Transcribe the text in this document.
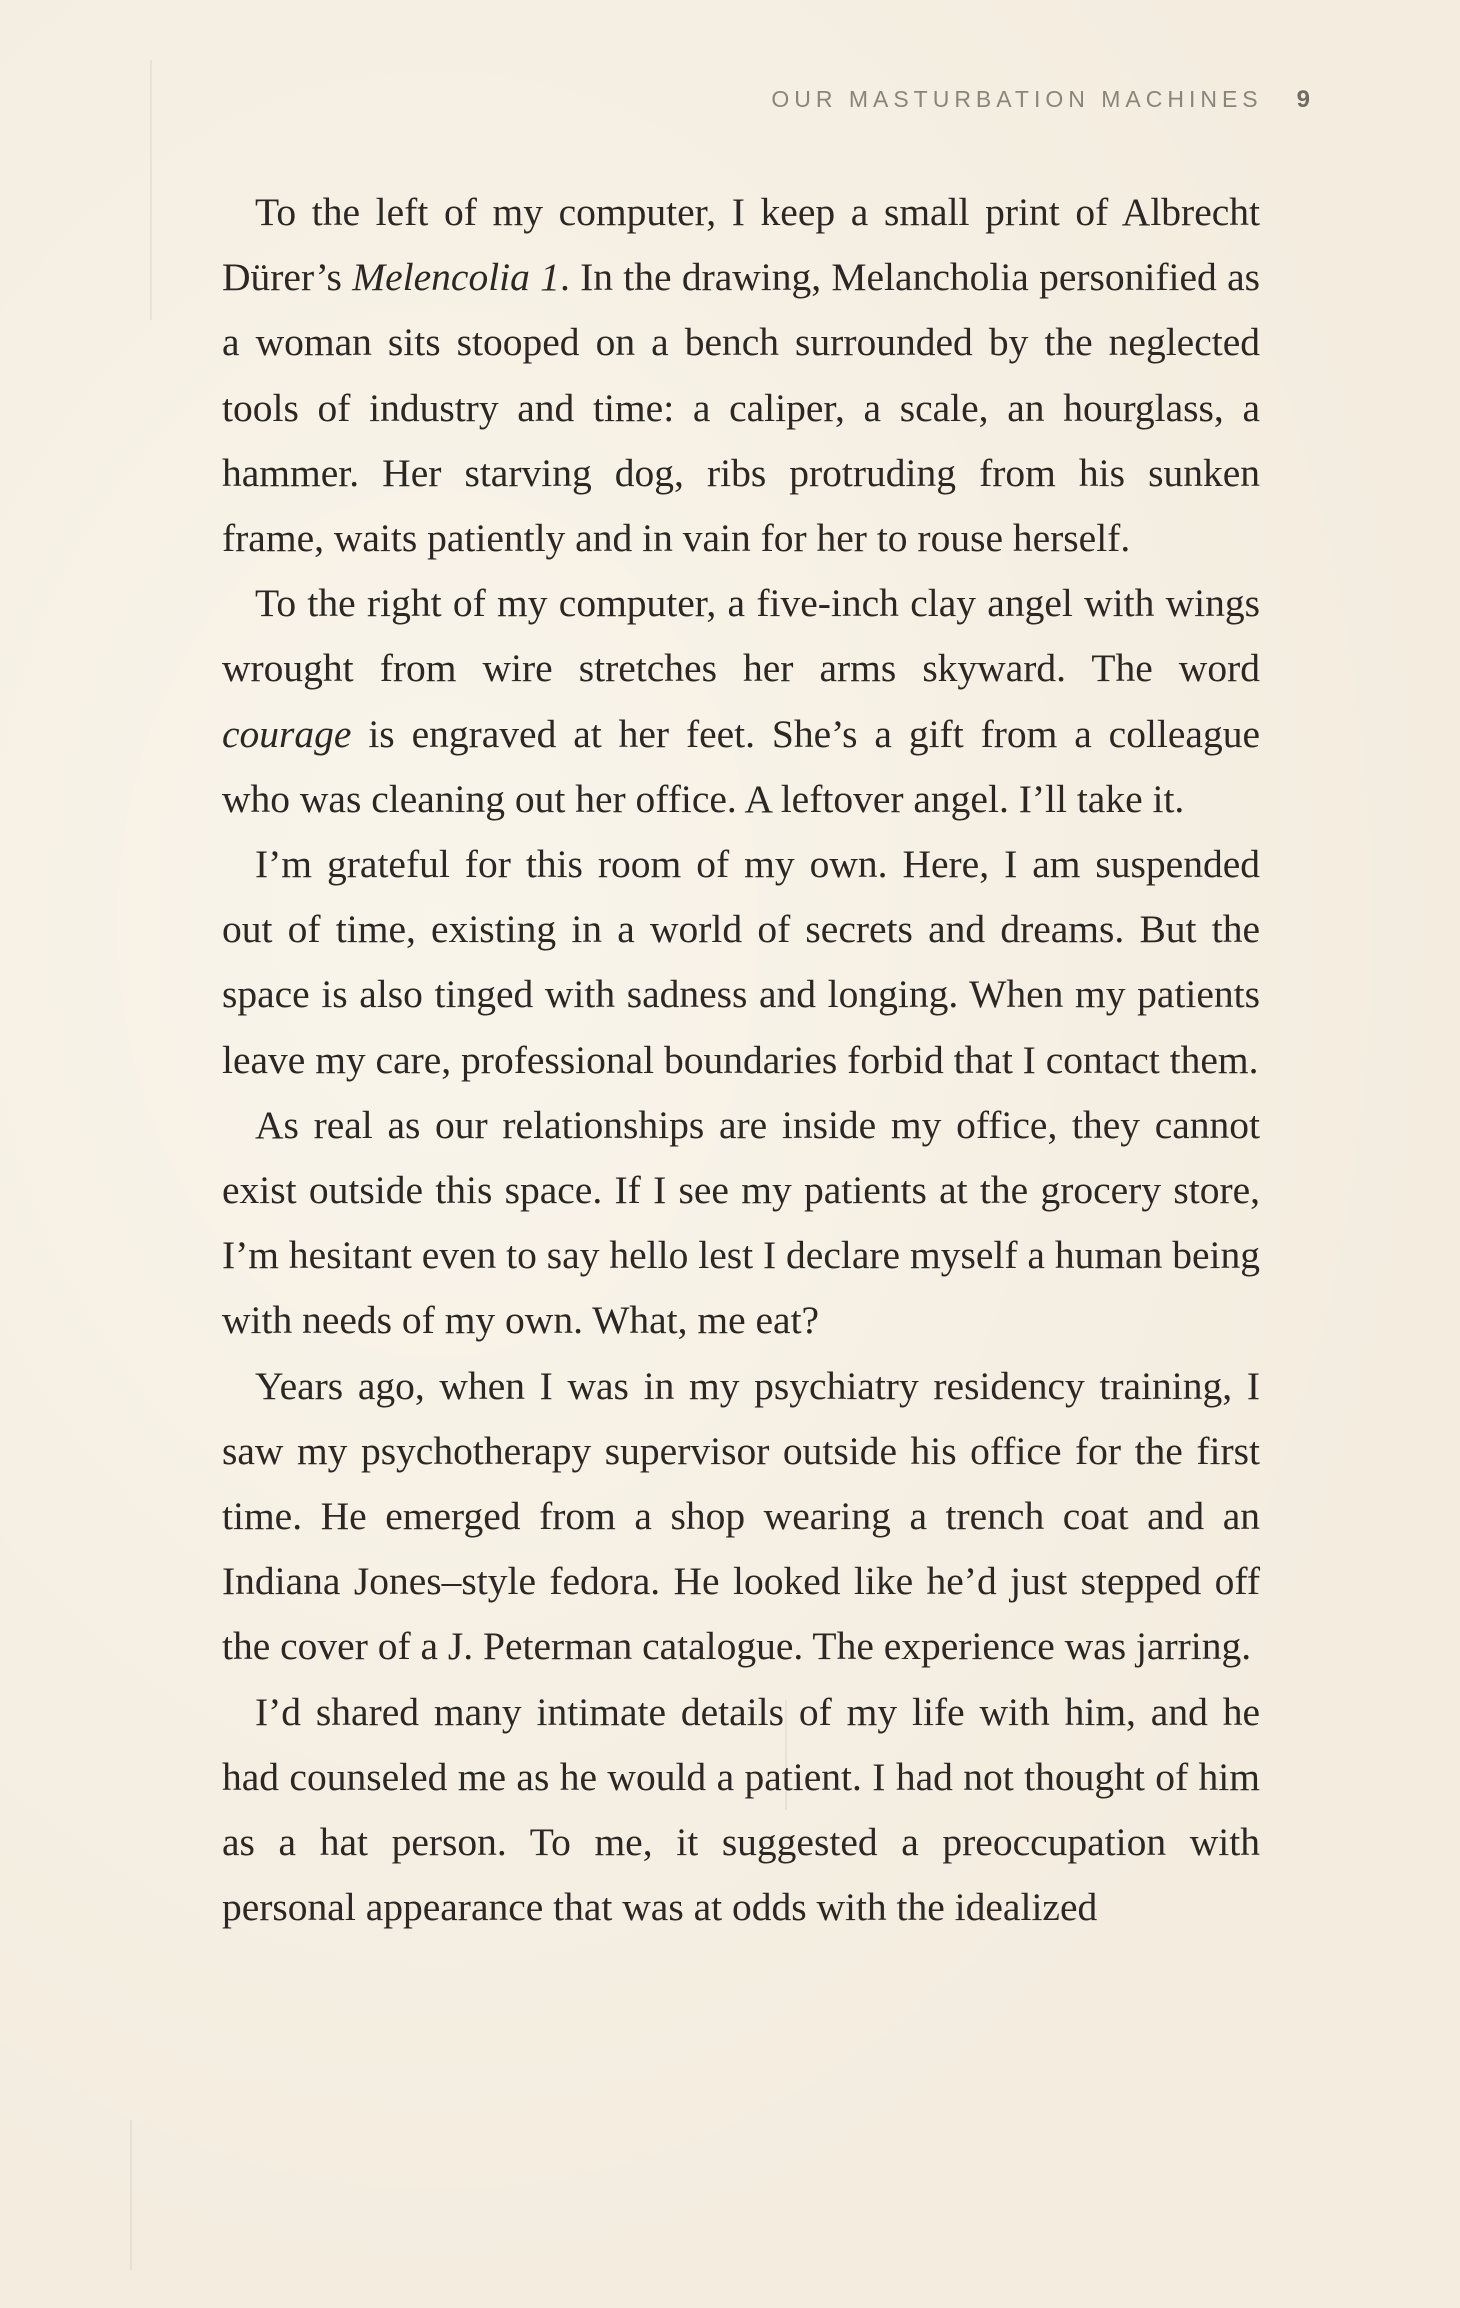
OUR MASTURBATION MACHINES 9

To the left of my computer, I keep a small print of Albrecht Dürer’s Melencolia 1. In the drawing, Melancholia personified as a woman sits stooped on a bench surrounded by the neglected tools of industry and time: a caliper, a scale, an hourglass, a hammer. Her starving dog, ribs protruding from his sunken frame, waits patiently and in vain for her to rouse herself.

To the right of my computer, a five-inch clay angel with wings wrought from wire stretches her arms skyward. The word courage is engraved at her feet. She’s a gift from a colleague who was cleaning out her office. A leftover angel. I’ll take it.

I’m grateful for this room of my own. Here, I am suspended out of time, existing in a world of secrets and dreams. But the space is also tinged with sadness and longing. When my patients leave my care, professional boundaries forbid that I contact them.

As real as our relationships are inside my office, they cannot exist outside this space. If I see my patients at the grocery store, I’m hesitant even to say hello lest I declare myself a human being with needs of my own. What, me eat?

Years ago, when I was in my psychiatry residency training, I saw my psychotherapy supervisor outside his office for the first time. He emerged from a shop wearing a trench coat and an Indiana Jones–style fedora. He looked like he’d just stepped off the cover of a J. Peterman catalogue. The experience was jarring.

I’d shared many intimate details of my life with him, and he had counseled me as he would a patient. I had not thought of him as a hat person. To me, it suggested a preoccupation with personal appearance that was at odds with the idealized
